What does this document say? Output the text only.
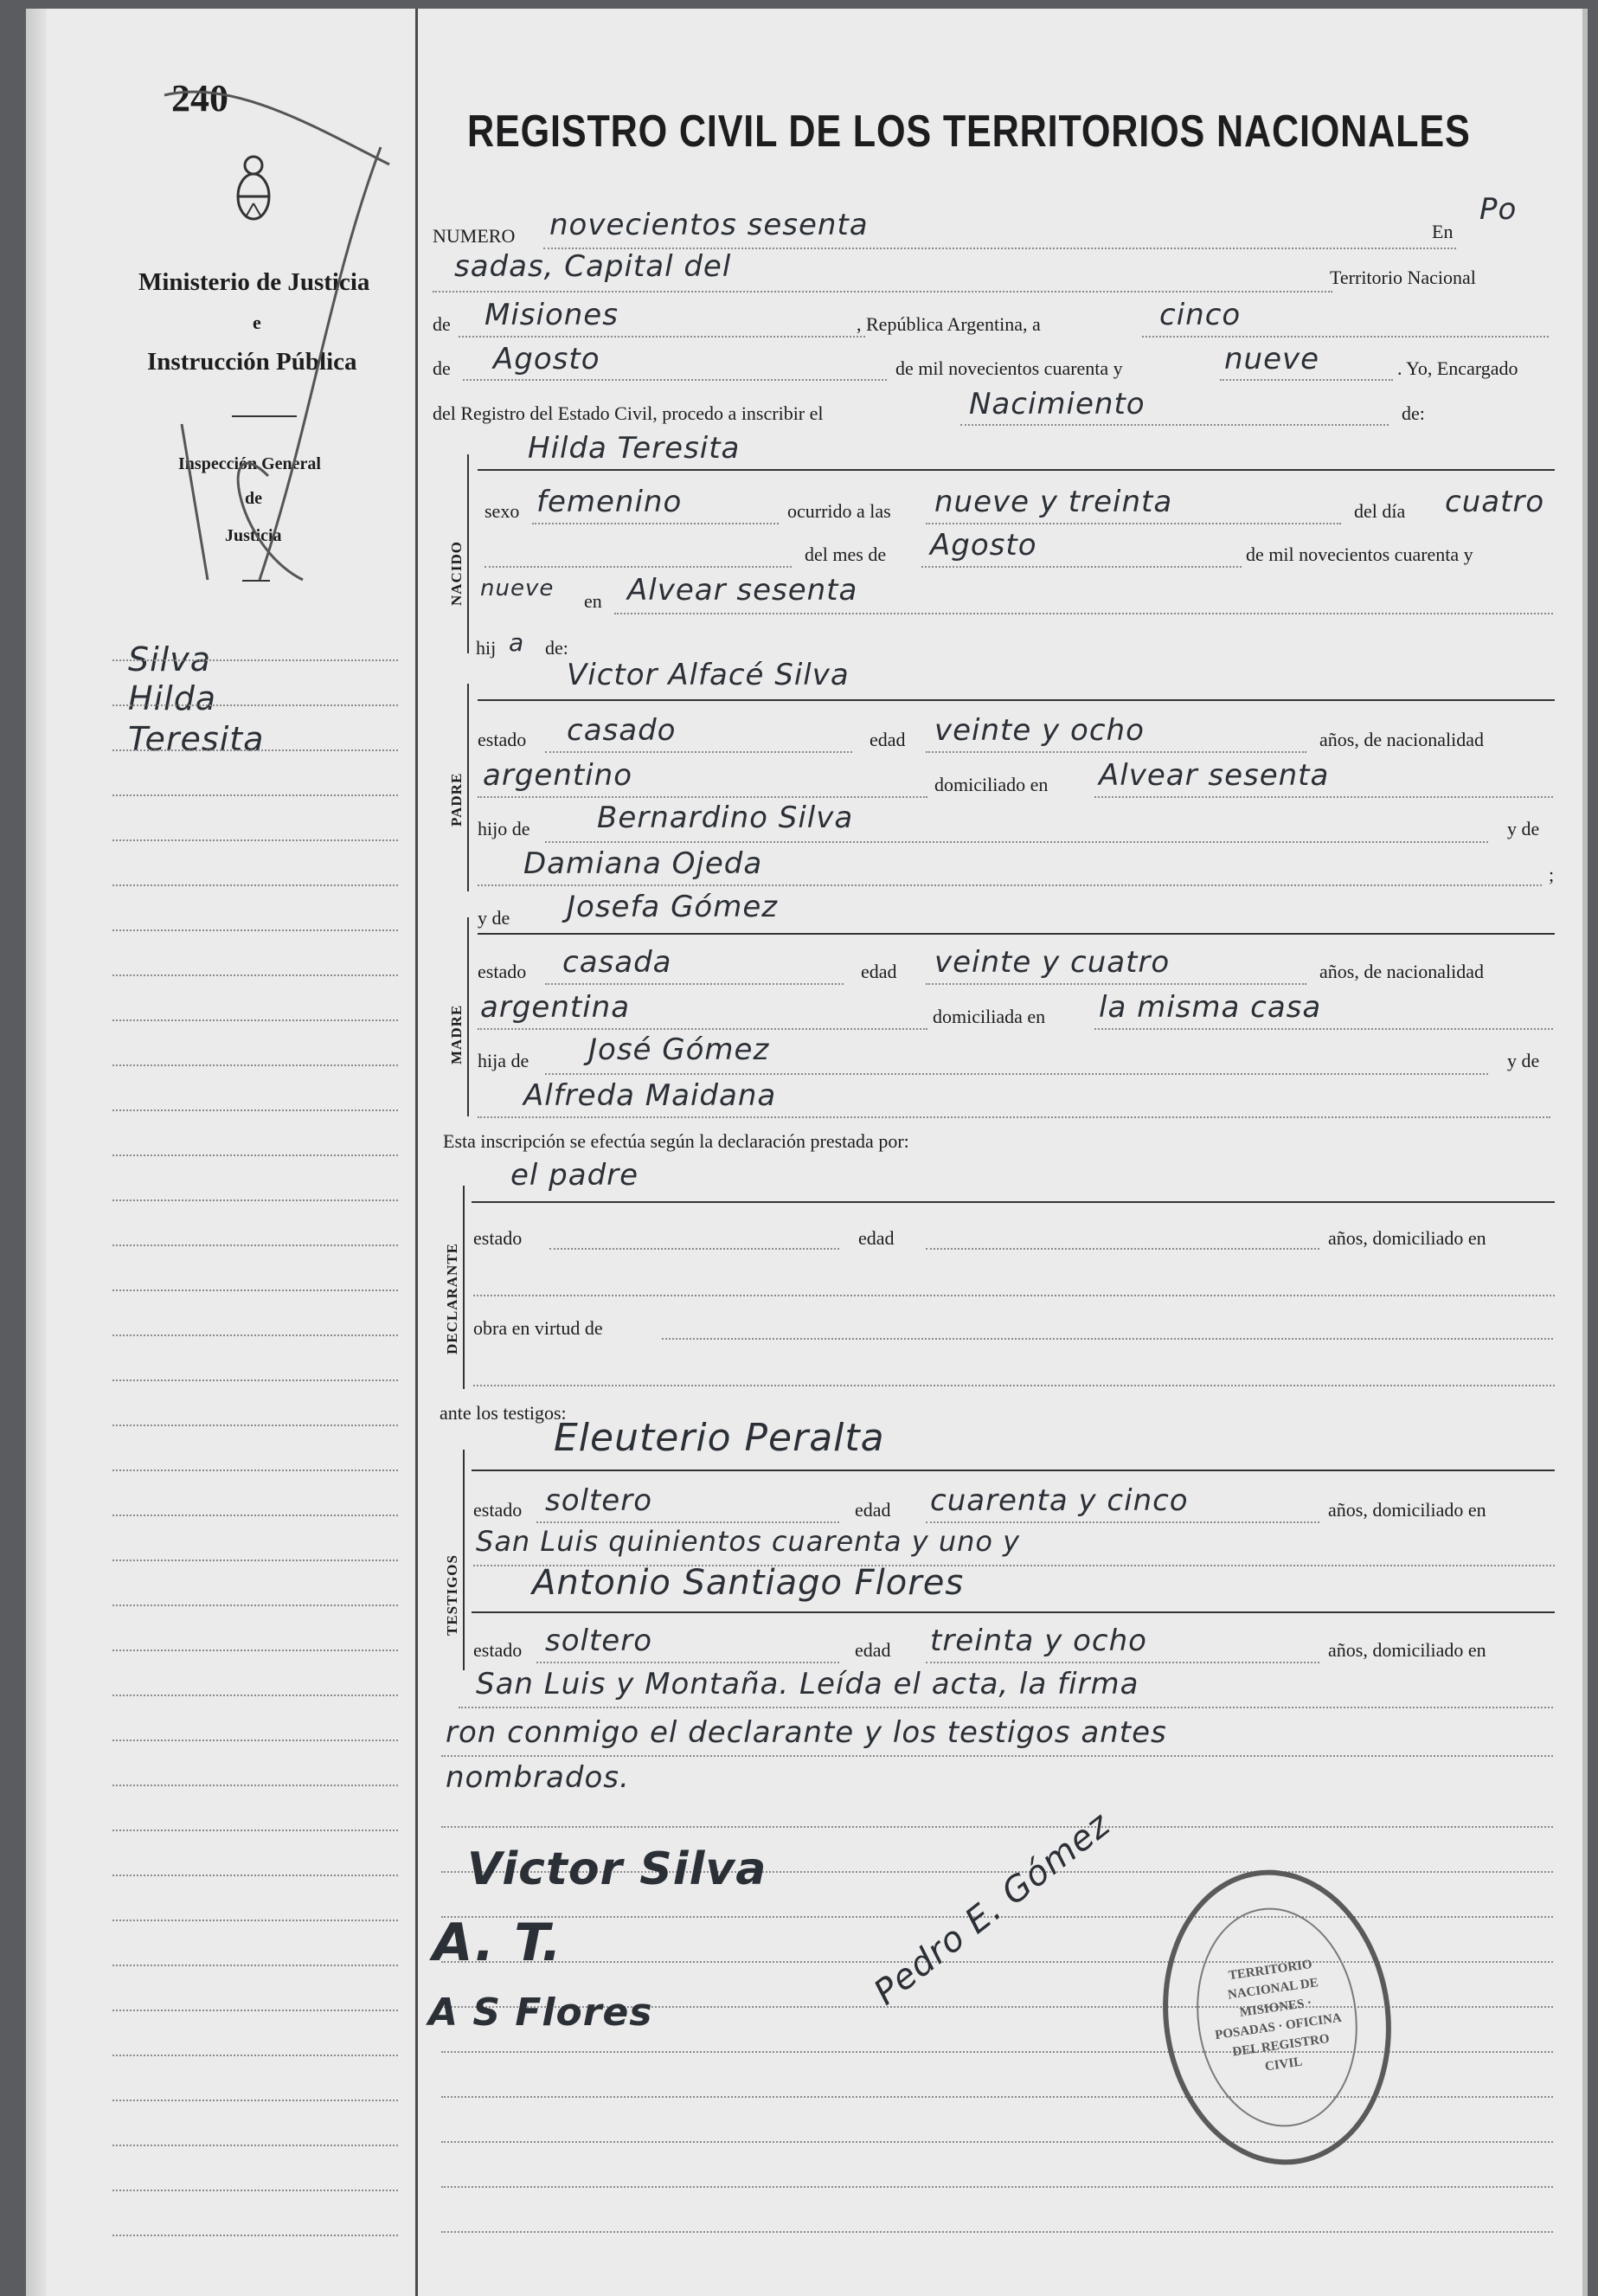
240
Ministerio de Justicia
e
Instrucción Pública
Inspección General
de
Justicia
Silva
Hilda
Teresita
REGISTRO CIVIL DE LOS TERRITORIOS NACIONALES
NUMERO novecientos sesenta	En
Po
sadas, Capital del	Territorio Nacional
de Misiones	, República Argentina, a	cinco
de Agosto	de mil novecientos cuarenta y	nueve	. Yo, Encargado
del Registro del Estado Civil, procedo a inscribir el	Nacimiento	de:
Hilda Teresita
NACIDO
sexo femenino	ocurrido a las nueve y treinta	del día cuatro
del mes de Agosto	de mil novecientos cuarenta y
nueve en Alvear sesenta
hij a de:
Victor Alfacé Silva
PADRE
estado casado	edad veinte y ocho	años, de nacionalidad
argentino	domiciliado en Alvear sesenta
hijo de Bernardino Silva	y de
Damiana Ojeda	;
y de Josefa Gómez
MADRE
estado casada	edad veinte y cuatro	años, de nacionalidad
argentina	domiciliada en la misma casa
hija de José Gómez	y de
Alfreda Maidana
Esta inscripción se efectúa según la declaración prestada por:
el padre
DECLARANTE
estado	edad	años, domiciliado en
obra en virtud de
ante los testigos:
Eleuterio Peralta
TESTIGOS
estado soltero	edad cuarenta y cinco	años, domiciliado en
San Luis quinientos cuarenta y uno y
Antonio Santiago Flores
estado soltero	edad treinta y ocho	años, domiciliado en
San Luis y Montaña. Leída el acta, la firma
ron conmigo el declarante y los testigos antes
nombrados.
Victor Silva
A. T.
A S Flores	Pedro E. Gómez	TERRITORIO NACIONAL DE MISIONES · POSADAS · OFICINA DEL REGISTRO CIVIL
